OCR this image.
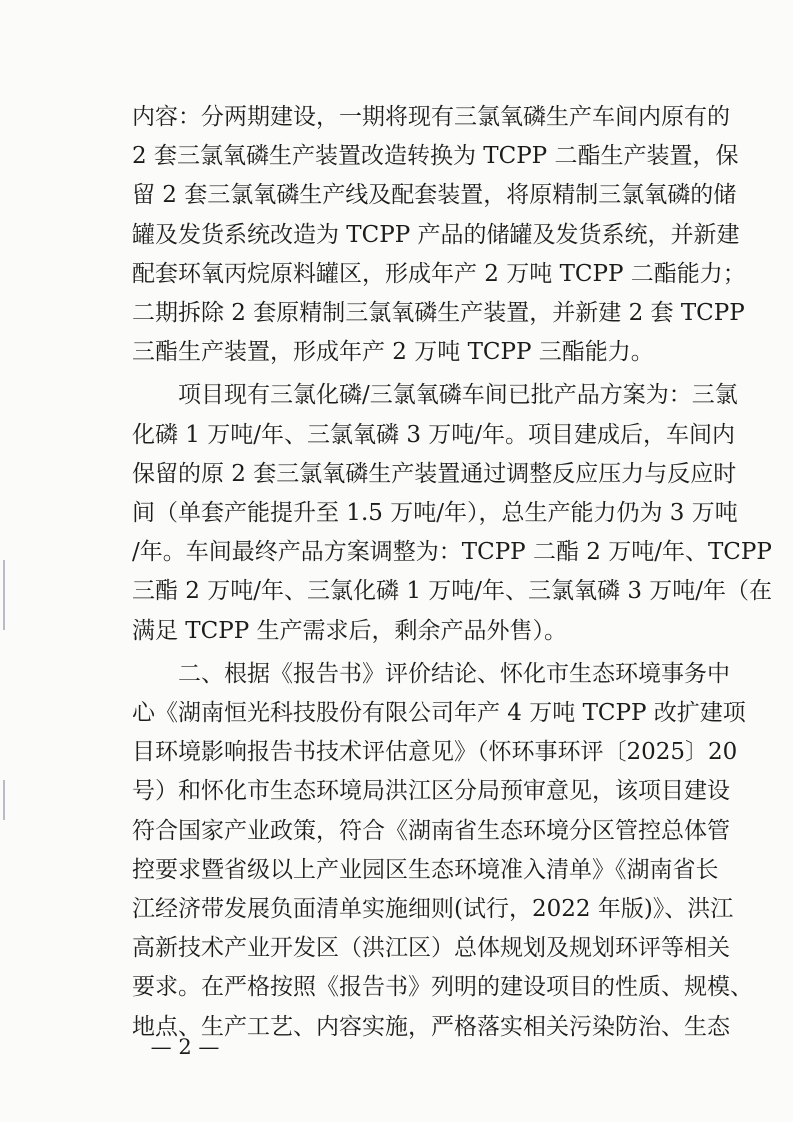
内容：分两期建设，一期将现有三氯氧磷生产车间内原有的
2 套三氯氧磷生产装置改造转换为 TCPP 二酯生产装置，保
留 2 套三氯氧磷生产线及配套装置，将原精制三氯氧磷的储
罐及发货系统改造为 TCPP 产品的储罐及发货系统，并新建
配套环氧丙烷原料罐区，形成年产 2 万吨 TCPP 二酯能力；
二期拆除 2 套原精制三氯氧磷生产装置，并新建 2 套 TCPP
三酯生产装置，形成年产 2 万吨 TCPP 三酯能力。
项目现有三氯化磷/三氯氧磷车间已批产品方案为：三氯
化磷 1 万吨/年、三氯氧磷 3 万吨/年。项目建成后，车间内
保留的原 2 套三氯氧磷生产装置通过调整反应压力与反应时
间（单套产能提升至 1.5 万吨/年），总生产能力仍为 3 万吨
/年。车间最终产品方案调整为：TCPP 二酯 2 万吨/年、TCPP
三酯 2 万吨/年、三氯化磷 1 万吨/年、三氯氧磷 3 万吨/年（在
满足 TCPP 生产需求后，剩余产品外售）。
二、根据《报告书》评价结论、怀化市生态环境事务中
心《湖南恒光科技股份有限公司年产 4 万吨 TCPP 改扩建项
目环境影响报告书技术评估意见》（怀环事环评〔2025〕20
号）和怀化市生态环境局洪江区分局预审意见，该项目建设
符合国家产业政策，符合《湖南省生态环境分区管控总体管
控要求暨省级以上产业园区生态环境准入清单》《湖南省长
江经济带发展负面清单实施细则(试行，2022 年版)》、洪江
高新技术产业开发区（洪江区）总体规划及规划环评等相关
— 2 —
要求。在严格按照《报告书》列明的建设项目的性质、规模、
地点、生产工艺、内容实施，严格落实相关污染防治、生态
